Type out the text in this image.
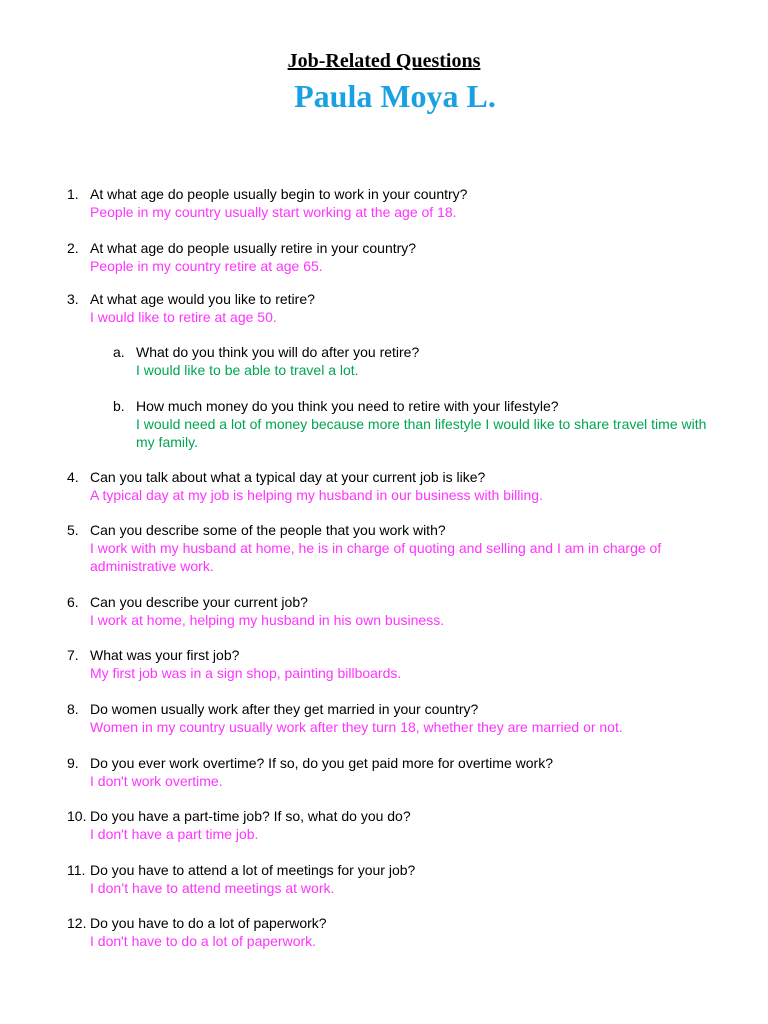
Job-Related Questions
Paula Moya L.
1. At what age do people usually begin to work in your country?
People in my country usually start working at the age of 18.
2. At what age do people usually retire in your country?
People in my country retire at age 65.
3. At what age would you like to retire?
I would like to retire at age 50.
a. What do you think you will do after you retire?
I would like to be able to travel a lot.
b. How much money do you think you need to retire with your lifestyle?
I would need a lot of money because more than lifestyle I would like to share travel time with my family.
4. Can you talk about what a typical day at your current job is like?
A typical day at my job is helping my husband in our business with billing.
5. Can you describe some of the people that you work with?
I work with my husband at home, he is in charge of quoting and selling and I am in charge of administrative work.
6. Can you describe your current job?
I work at home, helping my husband in his own business.
7. What was your first job?
My first job was in a sign shop, painting billboards.
8. Do women usually work after they get married in your country?
Women in my country usually work after they turn 18, whether they are married or not.
9. Do you ever work overtime? If so, do you get paid more for overtime work?
I don't work overtime.
10. Do you have a part-time job? If so, what do you do?
I don't have a part time job.
11. Do you have to attend a lot of meetings for your job?
I don’t have to attend meetings at work.
12. Do you have to do a lot of paperwork?
I don't have to do a lot of paperwork.
